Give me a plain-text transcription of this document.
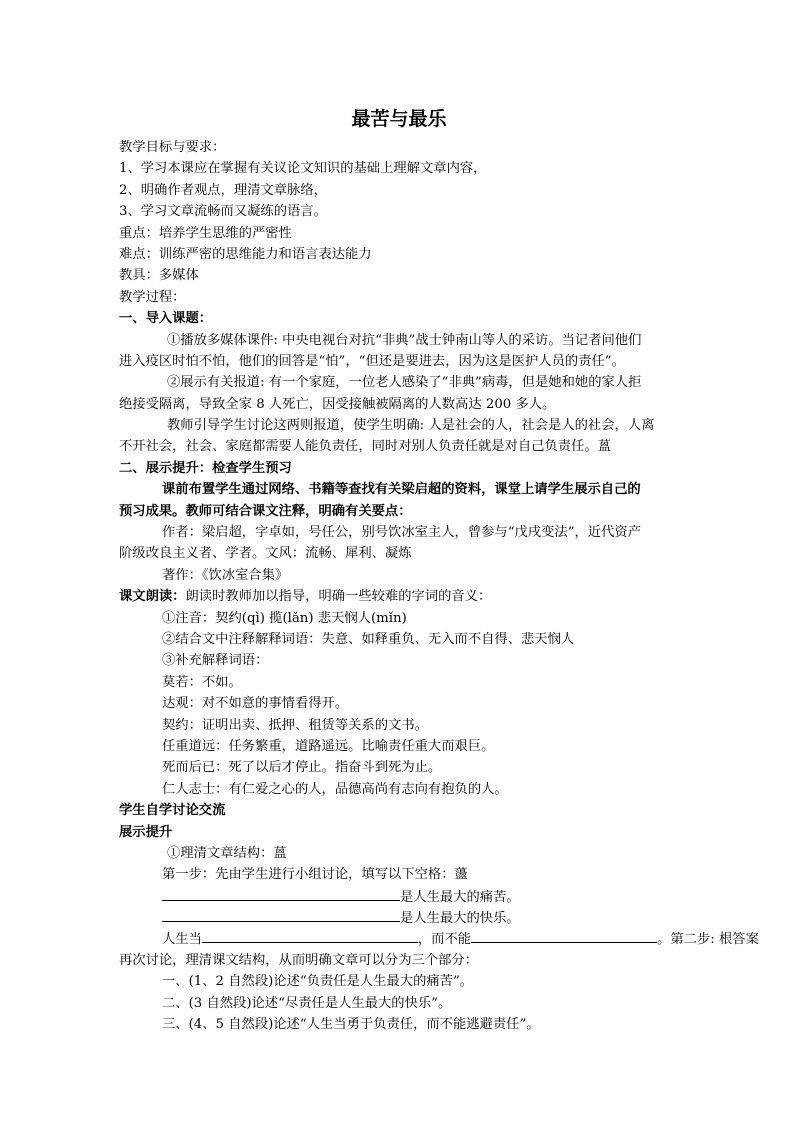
最苦与最乐
教学目标与要求：
1、学习本课应在掌握有关议论文知识的基础上理解文章内容，
2、明确作者观点，理清文章脉络，
3、学习文章流畅而又凝练的语言。
重点：培养学生思维的严密性
难点：训练严密的思维能力和语言表达能力
教具：多媒体
教学过程：
一、导入课题：
①播放多媒体课件: 中央电视台对抗“非典”战士钟南山等人的采访。当记者问他们
进入疫区时怕不怕，他们的回答是“怕”，“但还是要进去，因为这是医护人员的责任”。
②展示有关报道: 有一个家庭，一位老人感染了“非典”病毒，但是她和她的家人拒
绝接受隔离，导致全家 8 人死亡，因受接触被隔离的人数高达 200 多人。
教师引导学生讨论这两则报道，使学生明确: 人是社会的人，社会是人的社会，人离
不开社会，社会、家庭都需要人能负责任，同时对别人负责任就是对自己负责任。蒕
二、展示提升：检查学生预习
课前布置学生通过网络、书籍等查找有关梁启超的资料，课堂上请学生展示自己的
预习成果。教师可结合课文注释，明确有关要点：
作者：梁启超，字卓如，号任公，别号饮冰室主人，曾参与“戊戌变法”，近代资产
阶级改良主义者、学者。文风：流畅、犀利、凝炼
著作：《饮冰室合集》
课文朗读：朗读时教师加以指导，明确一些较难的字词的音义：
①注音：契约(qì) 揽(lǎn) 悲天悯人(mǐn)
②结合文中注释解释词语：失意、如释重负、无入而不自得、悲天悯人
③补充解释词语：
莫若：不如。
达观：对不如意的事情看得开。
契约：证明出卖、抵押、租赁等关系的文书。
任重道远：任务繁重，道路遥远。比喻责任重大而艰巨。
死而后已：死了以后才停止。指奋斗到死为止。
仁人志士：有仁爱之心的人，品德高尚有志向有抱负的人。
学生自学讨论交流
展示提升
①理清文章结构：蒕
第一步：先由学生进行小组讨论，填写以下空格：蘯
是人生最大的痛苦。
是人生最大的快乐。
人生当	，而不能	。第二步: 根答案
再次讨论，理清课文结构，从而明确文章可以分为三个部分：
一、(1、2 自然段)论述“负责任是人生最大的痛苦”。
二、(3 自然段)论述“尽责任是人生最大的快乐”。
三、(4、5 自然段)论述“人生当勇于负责任，而不能逃避责任”。
